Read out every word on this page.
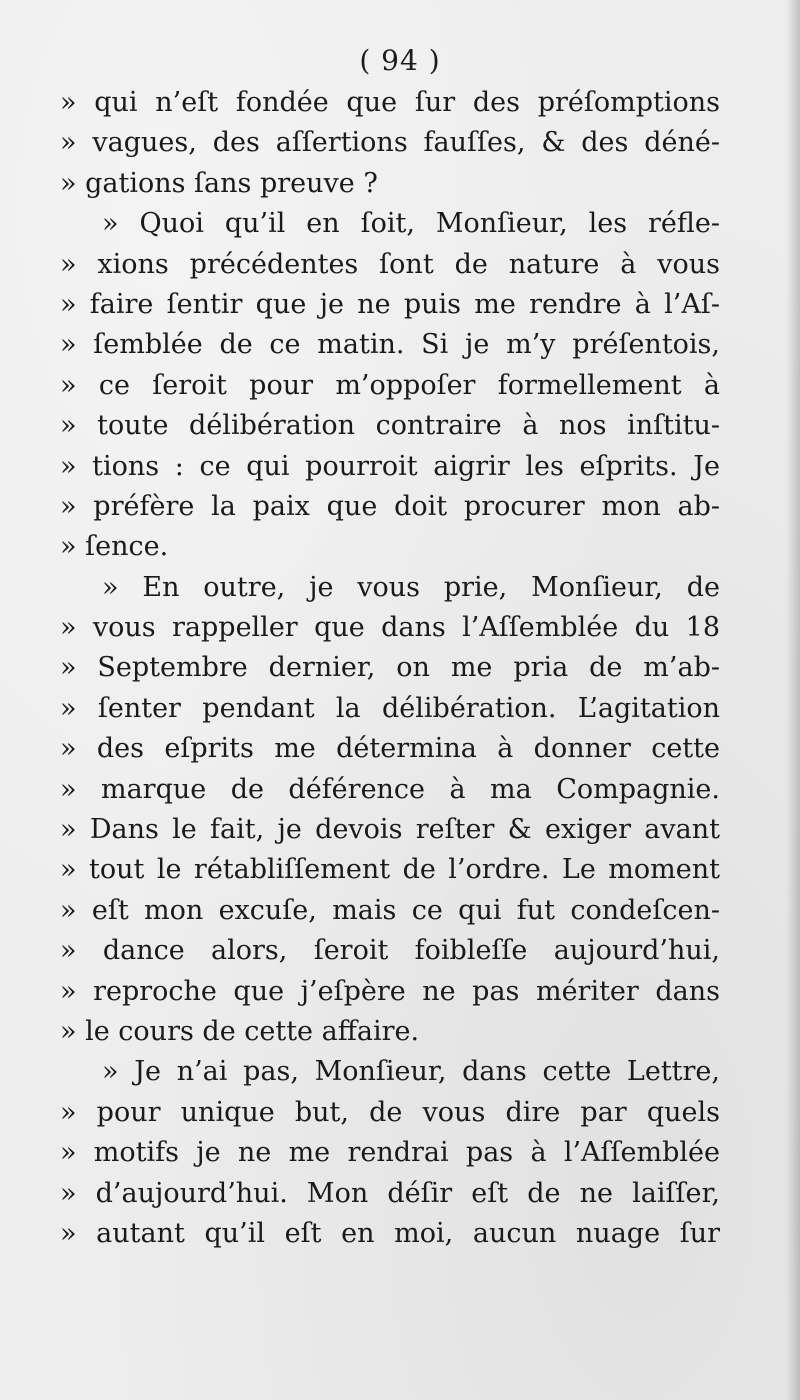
( 94 )
» qui n’eſt fondée que ſur des préſomptions
» vagues, des aſſertions fauſſes, & des déné-
» gations ſans preuve ?
» Quoi qu’il en ſoit, Monſieur, les réfle-
» xions précédentes ſont de nature à vous
» faire ſentir que je ne puis me rendre à l’Aſ-
» ſemblée de ce matin. Si je m’y préſentois,
» ce ſeroit pour m’oppoſer formellement à
» toute délibération contraire à nos inſtitu-
» tions : ce qui pourroit aigrir les eſprits. Je
» préfère la paix que doit procurer mon ab-
» ſence.
» En outre, je vous prie, Monſieur, de
» vous rappeller que dans l’Aſſemblée du 18
» Septembre dernier, on me pria de m’ab-
» ſenter pendant la délibération. L’agitation
» des eſprits me détermina à donner cette
» marque de déférence à ma Compagnie.
» Dans le fait, je devois reſter & exiger avant
» tout le rétabliſſement de l’ordre. Le moment
» eſt mon excuſe, mais ce qui fut condeſcen-
» dance alors, ſeroit foibleſſe aujourd’hui,
» reproche que j’eſpère ne pas mériter dans
» le cours de cette affaire.
» Je n’ai pas, Monſieur, dans cette Lettre,
» pour unique but, de vous dire par quels
» motifs je ne me rendrai pas à l’Aſſemblée
» d’aujourd’hui. Mon déſir eſt de ne laiſſer,
» autant qu’il eſt en moi, aucun nuage ſur
